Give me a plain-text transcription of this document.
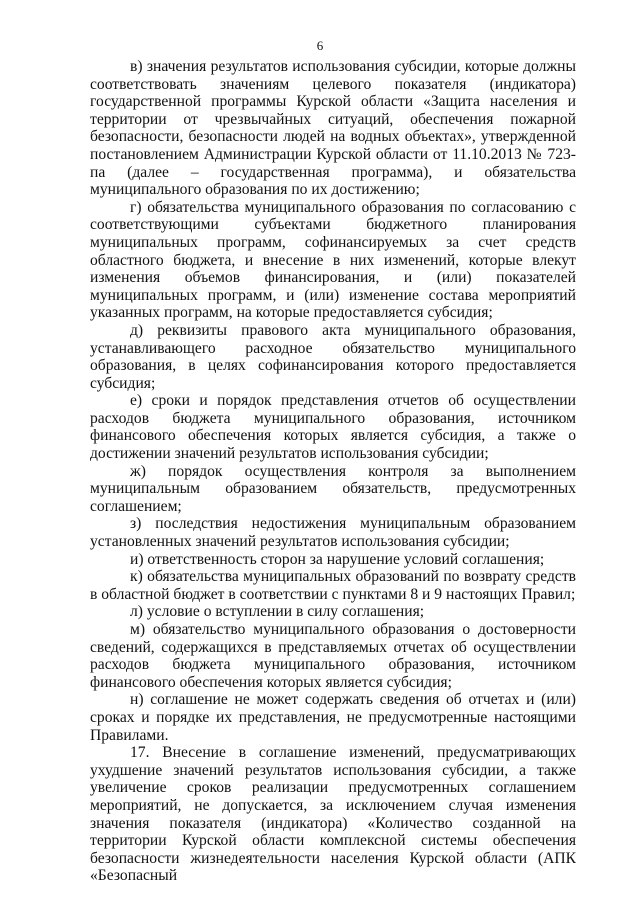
6

в) значения результатов использования субсидии, которые должны соответствовать значениям целевого показателя (индикатора) государственной программы Курской области «Защита населения и территории от чрезвычайных ситуаций, обеспечения пожарной безопасности, безопасности людей на водных объектах», утвержденной постановлением Администрации Курской области от 11.10.2013 № 723-па (далее – государственная программа), и обязательства муниципального образования по их достижению;

г) обязательства муниципального образования по согласованию с соответствующими субъектами бюджетного планирования муниципальных программ, софинансируемых за счет средств областного бюджета, и внесение в них изменений, которые влекут изменения объемов финансирования, и (или) показателей муниципальных программ, и (или) изменение состава мероприятий указанных программ, на которые предоставляется субсидия;

д) реквизиты правового акта муниципального образования, устанавливающего расходное обязательство муниципального образования, в целях софинансирования которого предоставляется субсидия;

е) сроки и порядок представления отчетов об осуществлении расходов бюджета муниципального образования, источником финансового обеспечения которых является субсидия, а также о достижении значений результатов использования субсидии;

ж) порядок осуществления контроля за выполнением муниципальным образованием обязательств, предусмотренных соглашением;

з) последствия недостижения муниципальным образованием установленных значений результатов использования субсидии;

и) ответственность сторон за нарушение условий соглашения;

к) обязательства муниципальных образований по возврату средств в областной бюджет в соответствии с пунктами 8 и 9 настоящих Правил;

л) условие о вступлении в силу соглашения;

м) обязательство муниципального образования о достоверности сведений, содержащихся в представляемых отчетах об осуществлении расходов бюджета муниципального образования, источником финансового обеспечения которых является субсидия;

н) соглашение не может содержать сведения об отчетах и (или) сроках и порядке их представления, не предусмотренные настоящими Правилами.

17. Внесение в соглашение изменений, предусматривающих ухудшение значений результатов использования субсидии, а также увеличение сроков реализации предусмотренных соглашением мероприятий, не допускается, за исключением случая изменения значения показателя (индикатора) «Количество созданной на территории Курской области комплексной системы обеспечения безопасности жизнедеятельности населения Курской области (АПК «Безопасный
